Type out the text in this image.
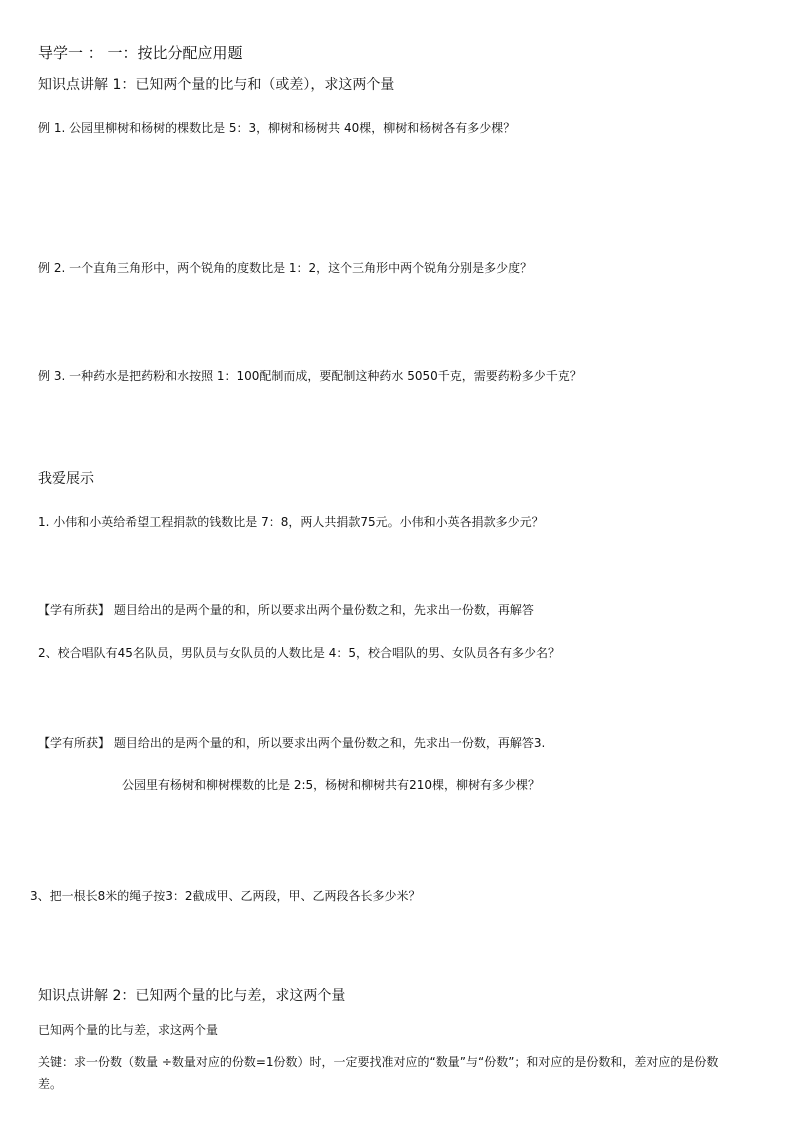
导学一 ： 一：按比分配应用题
知识点讲解 1：已知两个量的比与和（或差），求这两个量
例 1. 公园里柳树和杨树的棵数比是 5：3，柳树和杨树共 40棵，柳树和杨树各有多少棵？
例 2. 一个直角三角形中，两个锐角的度数比是 1：2，这个三角形中两个锐角分别是多少度？
例 3. 一种药水是把药粉和水按照 1：100配制而成，要配制这种药水 5050千克，需要药粉多少千克？
我爱展示
1. 小伟和小英给希望工程捐款的钱数比是 7：8，两人共捐款75元。小伟和小英各捐款多少元？
【学有所获】 题目给出的是两个量的和，所以要求出两个量份数之和，先求出一份数，再解答
2、校合唱队有45名队员，男队员与女队员的人数比是 4：5，校合唱队的男、女队员各有多少名？
【学有所获】 题目给出的是两个量的和，所以要求出两个量份数之和，先求出一份数，再解答3.
公园里有杨树和柳树棵数的比是 2:5，杨树和柳树共有210棵，柳树有多少棵？
3、把一根长8米的绳子按3：2截成甲、乙两段，甲、乙两段各长多少米？
知识点讲解 2：已知两个量的比与差，求这两个量
已知两个量的比与差，求这两个量
关键：求一份数（数量 ÷数量对应的份数=1份数）时，一定要找准对应的“数量”与“份数”；和对应的是份数和，差对应的是份数差。
